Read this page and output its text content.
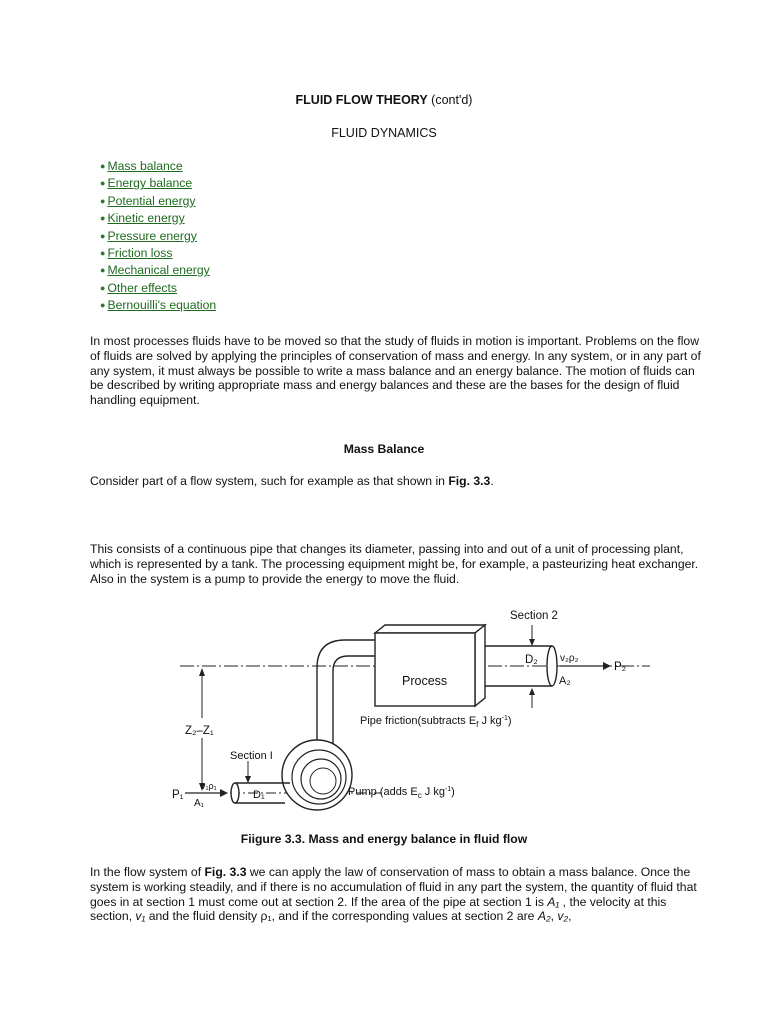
FLUID FLOW THEORY (cont'd)
FLUID DYNAMICS
● Mass balance
● Energy balance
● Potential energy
● Kinetic energy
● Pressure energy
● Friction loss
● Mechanical energy
● Other effects
● Bernouilli's equation

In most processes fluids have to be moved so that the study of fluids in motion is important. Problems on the flow of fluids are solved by applying the principles of conservation of mass and energy. In any system, or in any part of any system, it must always be possible to write a mass balance and an energy balance. The motion of fluids can be described by writing appropriate mass and energy balances and these are the bases for the design of fluid handling equipment.

Mass Balance

Consider part of a flow system, such for example as that shown in Fig. 3.3.

This consists of a continuous pipe that changes its diameter, passing into and out of a unit of processing plant, which is represented by a tank. The processing equipment might be, for example, a pasteurizing heat exchanger. Also in the system is a pump to provide the energy to move the fluid.

Section 2
D₂ v₂ρ₂
P₂
A₂
Process
Pipe friction(subtracts $E_f$ J $kg^{-1}$)
Z₂–Z₁
Section I
P₁
v₁ρ₁
A₁
D₁	Pump (adds $E_c$ J $kg^{-1}$)
Fiigure 3.3. Mass and energy balance in fluid flow

In the flow system of Fig. 3.3 we can apply the law of conservation of mass to obtain a mass balance. Once the system is working steadily, and if there is no accumulation of fluid in any part the system, the quantity of fluid that goes in at section 1 must come out at section 2. If the area of the pipe at section 1 is A₁ , the velocity at this section, v₁ and the fluid density ρ₁, and if the corresponding values at section 2 are A₂, v₂,
